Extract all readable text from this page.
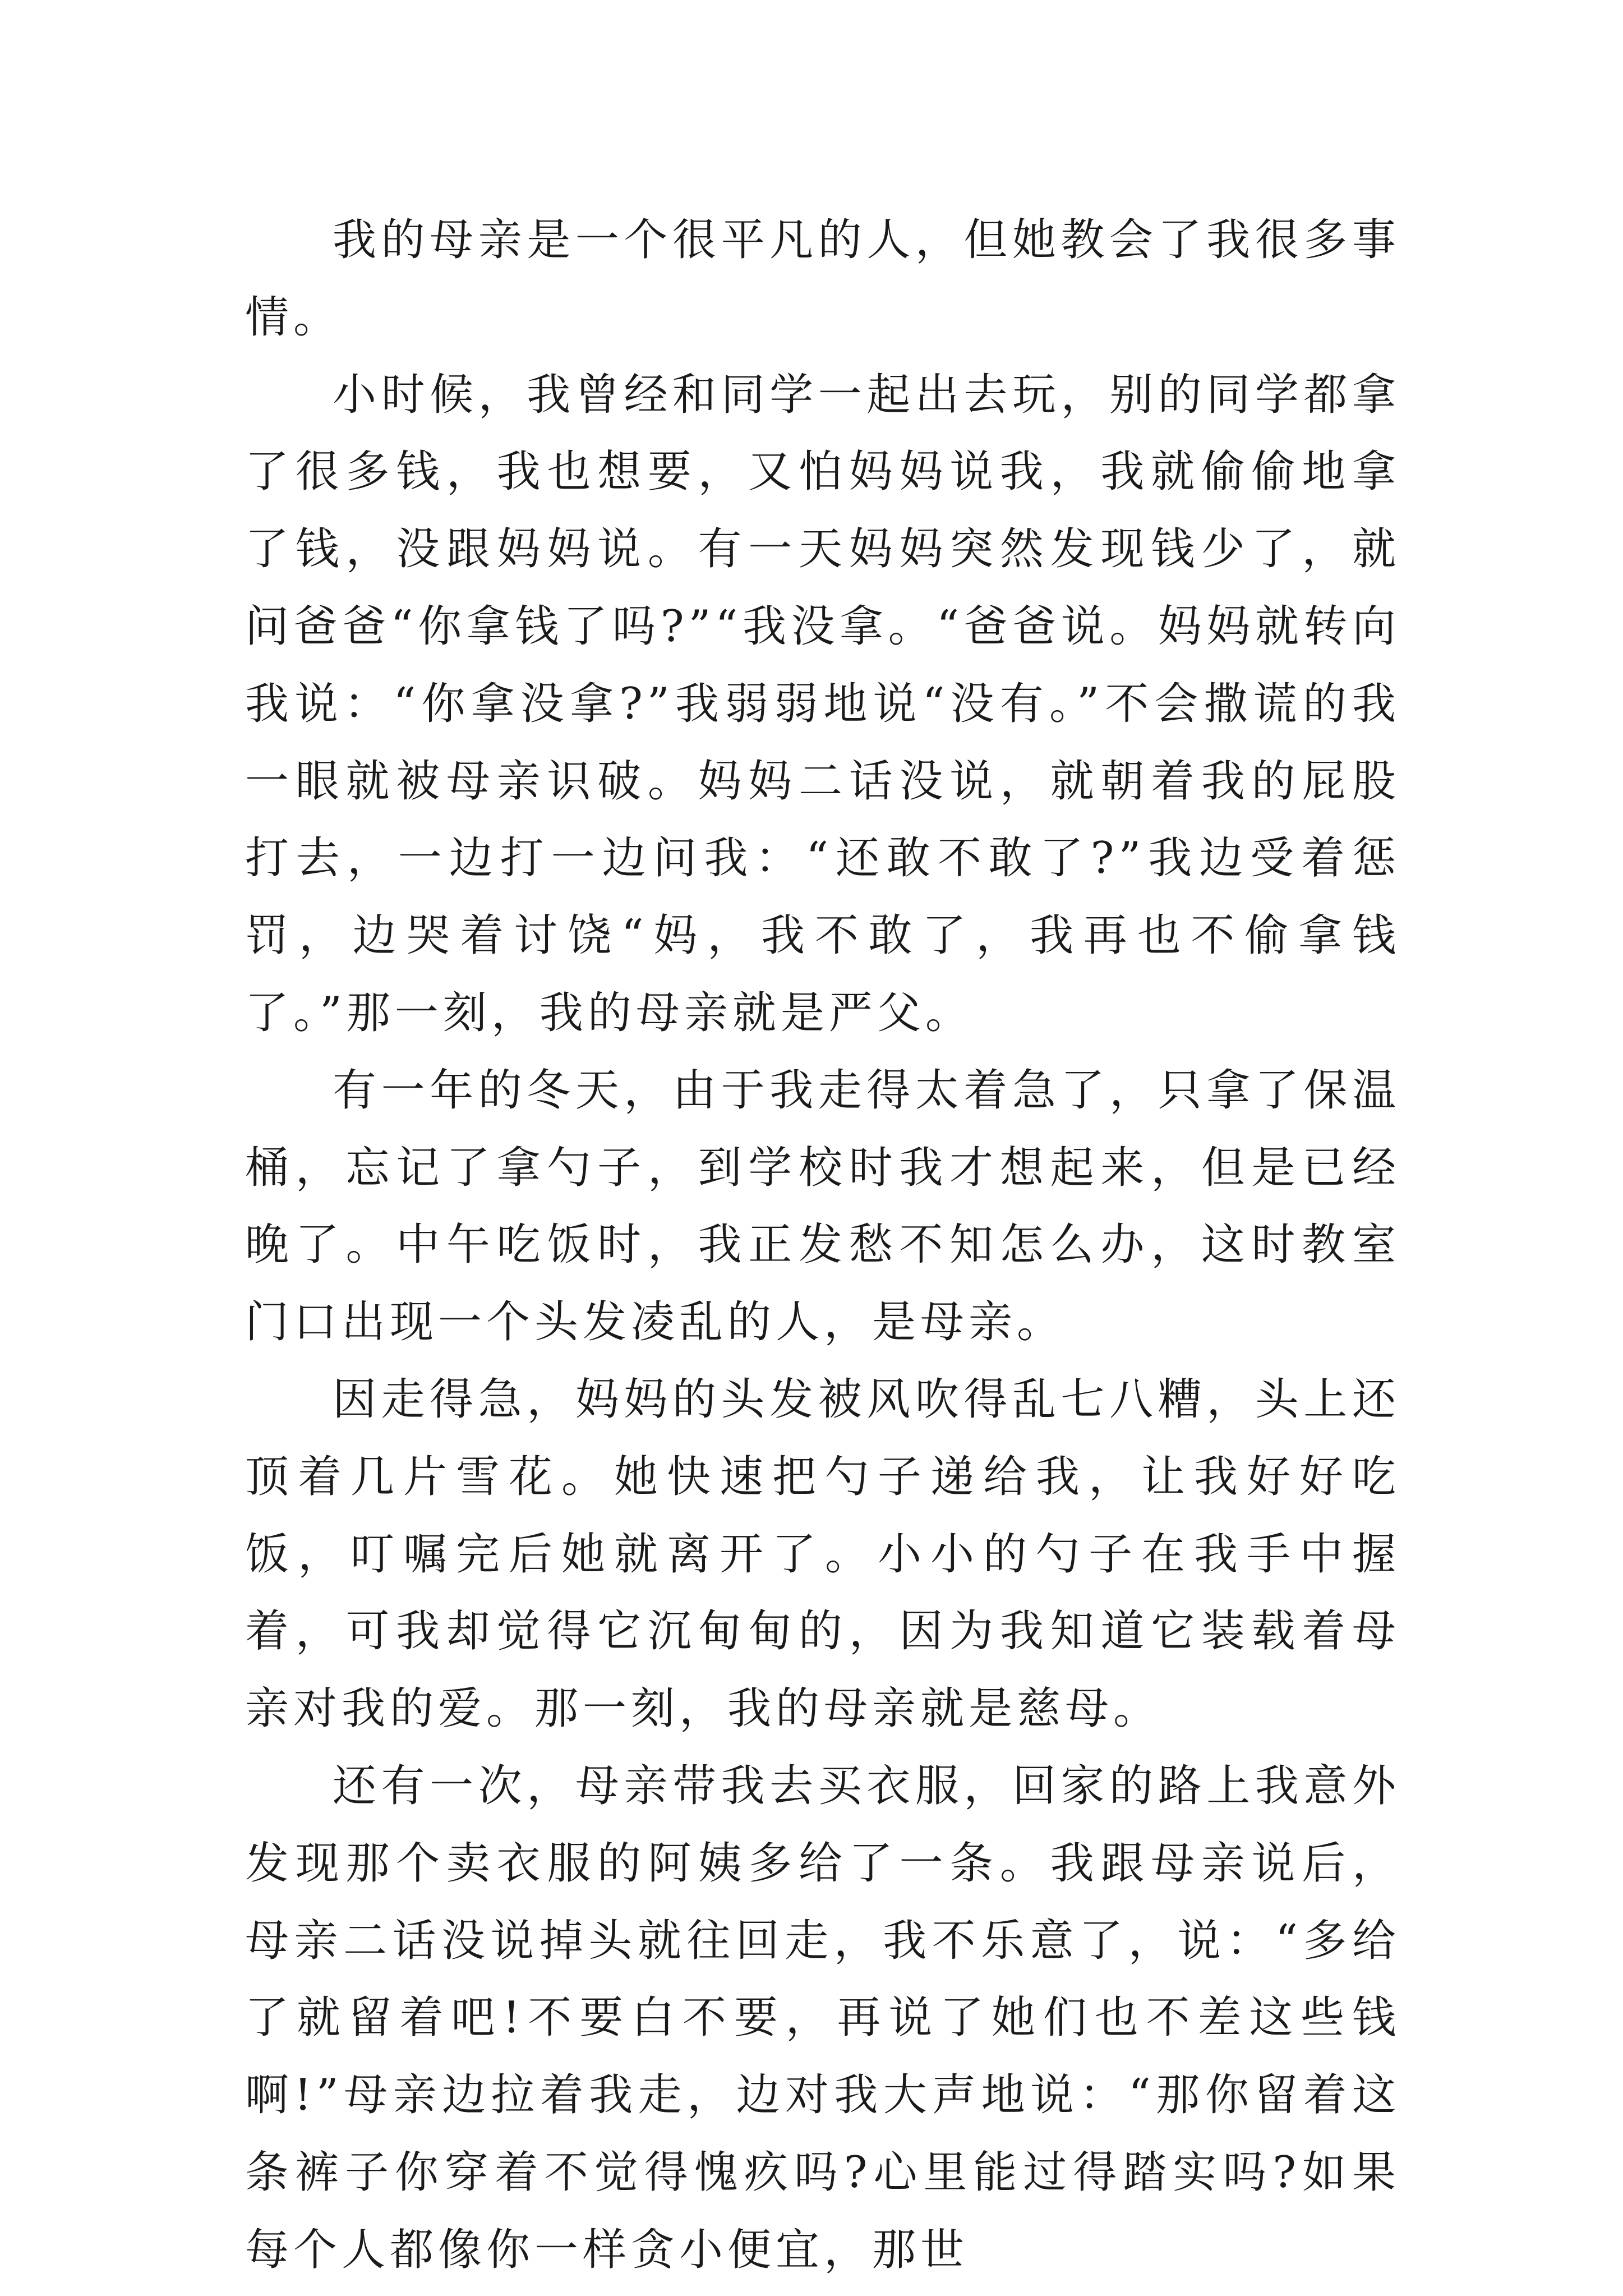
我的母亲是一个很平凡的人，但她教会了我很多事情。

小时候，我曾经和同学一起出去玩，别的同学都拿了很多钱，我也想要，又怕妈妈说我，我就偷偷地拿了钱，没跟妈妈说。有一天妈妈突然发现钱少了，就问爸爸“你拿钱了吗?”“我没拿。“爸爸说。妈妈就转向我说：“你拿没拿?”我弱弱地说“没有。”不会撒谎的我一眼就被母亲识破。妈妈二话没说，就朝着我的屁股打去，一边打一边问我：“还敢不敢了?”我边受着惩罚，边哭着讨饶“妈，我不敢了，我再也不偷拿钱了。”那一刻，我的母亲就是严父。

有一年的冬天，由于我走得太着急了，只拿了保温桶，忘记了拿勺子，到学校时我才想起来，但是已经晚了。中午吃饭时，我正发愁不知怎么办，这时教室门口出现一个头发凌乱的人，是母亲。

因走得急，妈妈的头发被风吹得乱七八糟，头上还顶着几片雪花。她快速把勺子递给我，让我好好吃饭，叮嘱完后她就离开了。小小的勺子在我手中握着，可我却觉得它沉甸甸的，因为我知道它装载着母亲对我的爱。那一刻，我的母亲就是慈母。

还有一次，母亲带我去买衣服，回家的路上我意外发现那个卖衣服的阿姨多给了一条。我跟母亲说后，母亲二话没说掉头就往回走，我不乐意了，说：“多给了就留着吧!不要白不要，再说了她们也不差这些钱啊!”母亲边拉着我走，边对我大声地说：“那你留着这条裤子你穿着不觉得愧疚吗?心里能过得踏实吗?如果每个人都像你一样贪小便宜，那世
